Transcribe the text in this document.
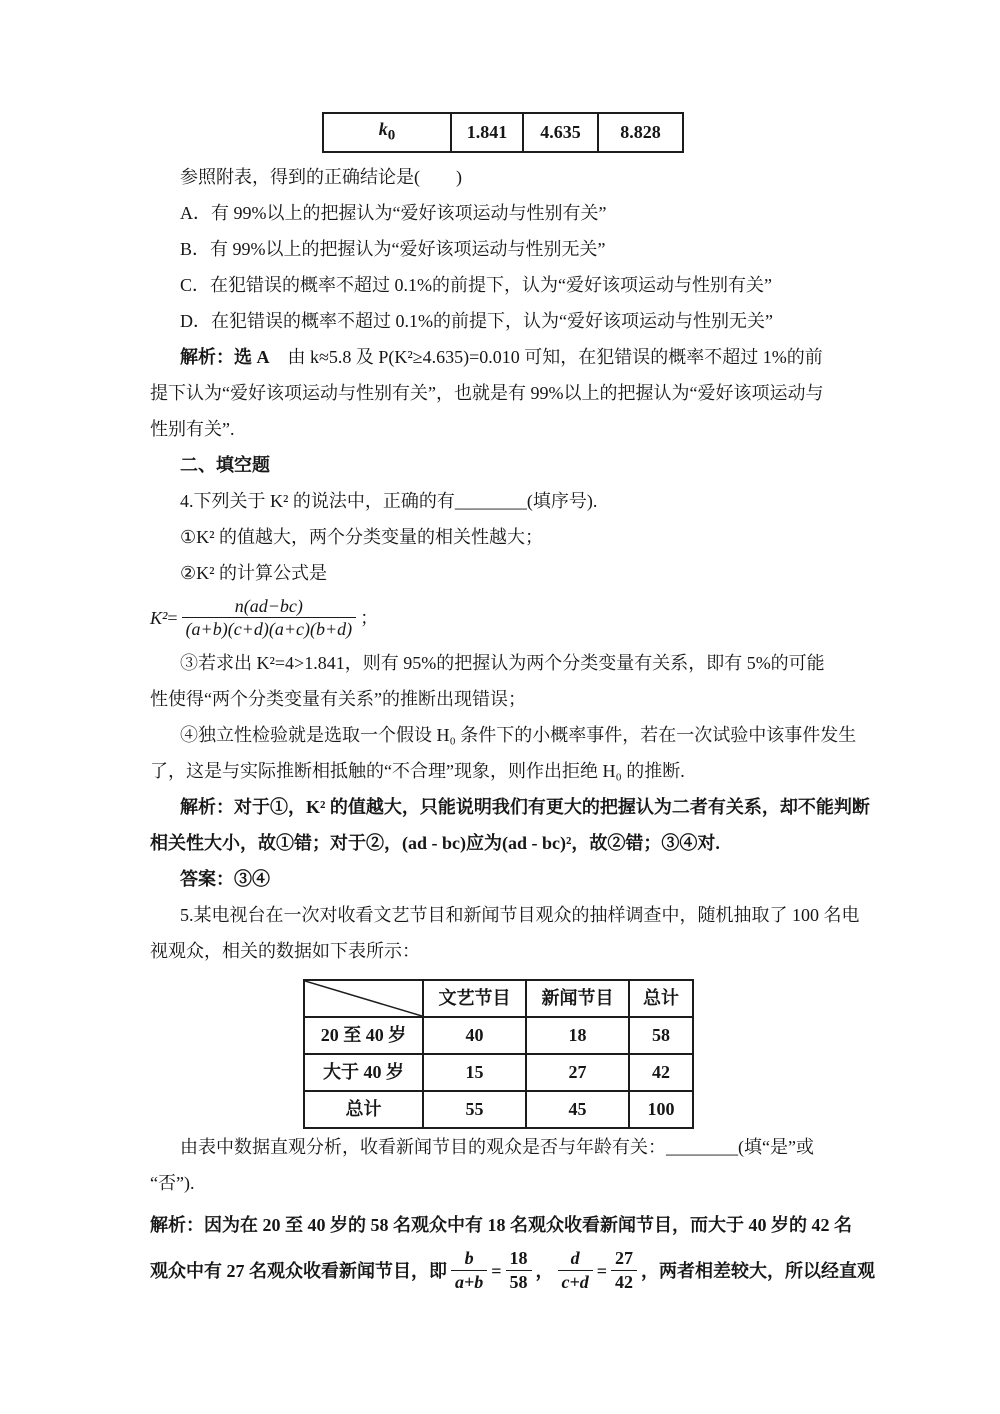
$k_0$	1.841	4.635	8.828
参照附表，得到的正确结论是(　　)
A．有 99%以上的把握认为“爱好该项运动与性别有关”
B．有 99%以上的把握认为“爱好该项运动与性别无关”
C．在犯错误的概率不超过 0.1%的前提下，认为“爱好该项运动与性别有关”
D．在犯错误的概率不超过 0.1%的前提下，认为“爱好该项运动与性别无关”
解析：选 A　由 k≈5.8 及 P(K²≥4.635)=0.010 可知，在犯错误的概率不超过 1%的前
提下认为“爱好该项运动与性别有关”，也就是有 99%以上的把握认为“爱好该项运动与
性别有关”.
二、填空题
4.下列关于 K² 的说法中，正确的有________(填序号).
①K² 的值越大，两个分类变量的相关性越大；
②K² 的计算公式是
$K^2 = \frac{n(ad-bc)}{(a+b)(c+d)(a+c)(b+d)}$ ；
③若求出 K²=4>1.841，则有 95%的把握认为两个分类变量有关系，即有 5%的可能
性使得“两个分类变量有关系”的推断出现错误；
④独立性检验就是选取一个假设 H₀ 条件下的小概率事件，若在一次试验中该事件发生
了，这是与实际推断相抵触的“不合理”现象，则作出拒绝 H₀ 的推断.
解析：对于①，K² 的值越大，只能说明我们有更大的把握认为二者有关系，却不能判断
相关性大小，故①错；对于②，(ad - bc)应为(ad - bc)²，故②错；③④对.
答案：③④
5.某电视台在一次对收看文艺节目和新闻节目观众的抽样调查中，随机抽取了 100 名电
视观众，相关的数据如下表所示：
	文艺节目	新闻节目	总计
20 至 40 岁	40	18	58
大于 40 岁	15	27	42
总计	55	45	100
由表中数据直观分析，收看新闻节目的观众是否与年龄有关：________(填“是”或
“否”).
解析：因为在 20 至 40 岁的 58 名观众中有 18 名观众收看新闻节目，而大于 40 岁的 42 名
观众中有 27 名观众收看新闻节目，即 $\frac{b}{a+b} = \frac{18}{58}$ ， $\frac{d}{c+d} = \frac{27}{42}$ ，两者相差较大，所以经直观
